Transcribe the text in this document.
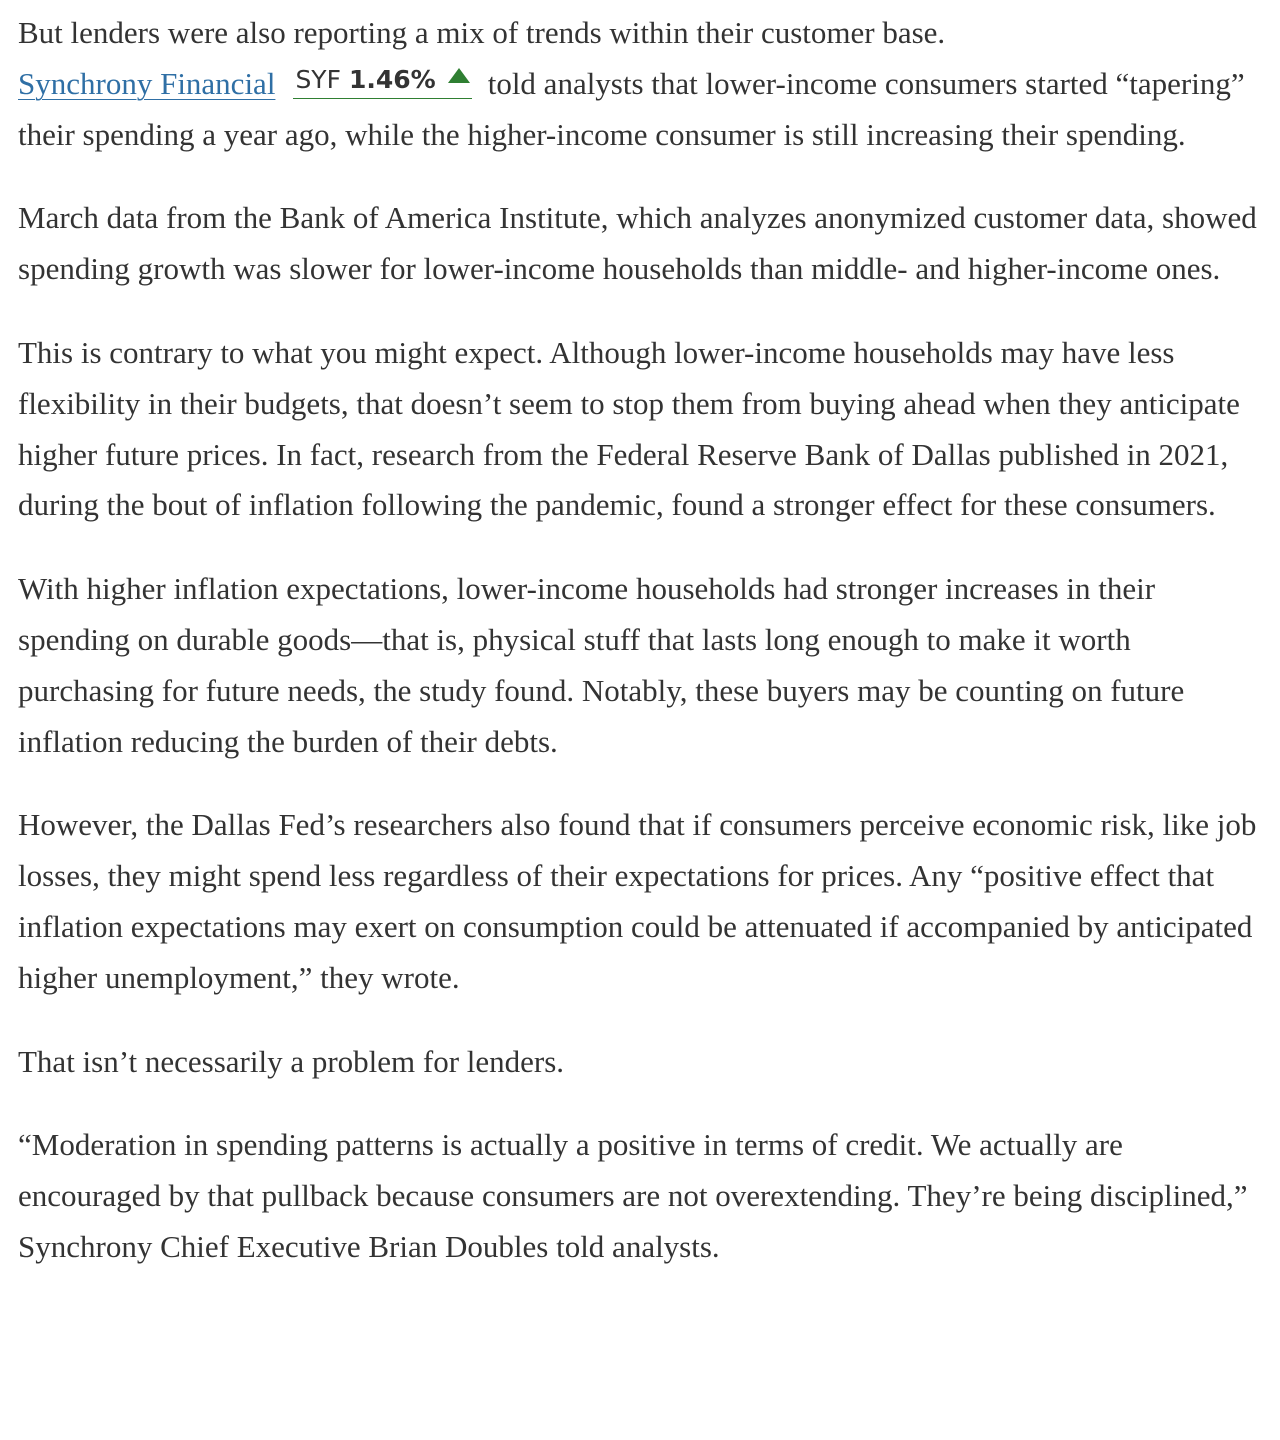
But lenders were also reporting a mix of trends within their customer base.
Synchrony Financial SYF 1.46% told analysts that lower-income consumers started “tapering” their spending a year ago, while the higher-income consumer is still increasing their spending.

March data from the Bank of America Institute, which analyzes anonymized customer data, showed spending growth was slower for lower-income households than middle- and higher-income ones.

This is contrary to what you might expect. Although lower-income households may have less flexibility in their budgets, that doesn’t seem to stop them from buying ahead when they anticipate higher future prices. In fact, research from the Federal Reserve Bank of Dallas published in 2021, during the bout of inflation following the pandemic, found a stronger effect for these consumers.

With higher inflation expectations, lower-income households had stronger increases in their spending on durable goods—that is, physical stuff that lasts long enough to make it worth purchasing for future needs, the study found. Notably, these buyers may be counting on future inflation reducing the burden of their debts.

However, the Dallas Fed’s researchers also found that if consumers perceive economic risk, like job losses, they might spend less regardless of their expectations for prices. Any “positive effect that inflation expectations may exert on consumption could be attenuated if accompanied by anticipated higher unemployment,” they wrote.

That isn’t necessarily a problem for lenders.

“Moderation in spending patterns is actually a positive in terms of credit. We actually are encouraged by that pullback because consumers are not overextending. They’re being disciplined,” Synchrony Chief Executive Brian Doubles told analysts.
